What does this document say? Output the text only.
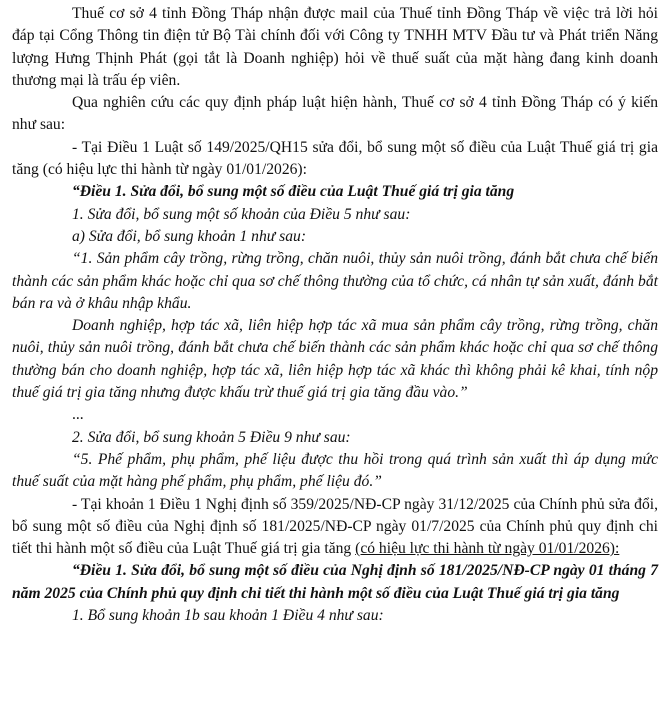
Thuế cơ sở 4 tỉnh Đồng Tháp nhận được mail của Thuế tỉnh Đồng Tháp về việc trả lời hỏi đáp tại Cổng Thông tin điện tử Bộ Tài chính đối với Công ty TNHH MTV Đầu tư và Phát triển Năng lượng Hưng Thịnh Phát (gọi tắt là Doanh nghiệp) hỏi về thuế suất của mặt hàng đang kinh doanh thương mại là trấu ép viên.

Qua nghiên cứu các quy định pháp luật hiện hành, Thuế cơ sở 4 tỉnh Đồng Tháp có ý kiến như sau:

- Tại Điều 1 Luật số 149/2025/QH15 sửa đổi, bổ sung một số điều của Luật Thuế giá trị gia tăng (có hiệu lực thi hành từ ngày 01/01/2026):

“Điều 1. Sửa đổi, bổ sung một số điều của Luật Thuế giá trị gia tăng

1. Sửa đổi, bổ sung một số khoản của Điều 5 như sau:

a) Sửa đổi, bổ sung khoản 1 như sau:

“1. Sản phẩm cây trồng, rừng trồng, chăn nuôi, thủy sản nuôi trồng, đánh bắt chưa chế biến thành các sản phẩm khác hoặc chỉ qua sơ chế thông thường của tổ chức, cá nhân tự sản xuất, đánh bắt bán ra và ở khâu nhập khẩu.

Doanh nghiệp, hợp tác xã, liên hiệp hợp tác xã mua sản phẩm cây trồng, rừng trồng, chăn nuôi, thủy sản nuôi trồng, đánh bắt chưa chế biến thành các sản phẩm khác hoặc chỉ qua sơ chế thông thường bán cho doanh nghiệp, hợp tác xã, liên hiệp hợp tác xã khác thì không phải kê khai, tính nộp thuế giá trị gia tăng nhưng được khấu trừ thuế giá trị gia tăng đầu vào.”

...

2. Sửa đổi, bổ sung khoản 5 Điều 9 như sau:

“5. Phế phẩm, phụ phẩm, phế liệu được thu hồi trong quá trình sản xuất thì áp dụng mức thuế suất của mặt hàng phế phẩm, phụ phẩm, phế liệu đó.”

- Tại khoản 1 Điều 1 Nghị định số 359/2025/NĐ-CP ngày 31/12/2025 của Chính phủ sửa đổi, bổ sung một số điều của Nghị định số 181/2025/NĐ-CP ngày 01/7/2025 của Chính phủ quy định chi tiết thi hành một số điều của Luật Thuế giá trị gia tăng (có hiệu lực thi hành từ ngày 01/01/2026):

“Điều 1. Sửa đổi, bổ sung một số điều của Nghị định số 181/2025/NĐ-CP ngày 01 tháng 7 năm 2025 của Chính phủ quy định chi tiết thi hành một số điều của Luật Thuế giá trị gia tăng

1. Bổ sung khoản 1b sau khoản 1 Điều 4 như sau:
